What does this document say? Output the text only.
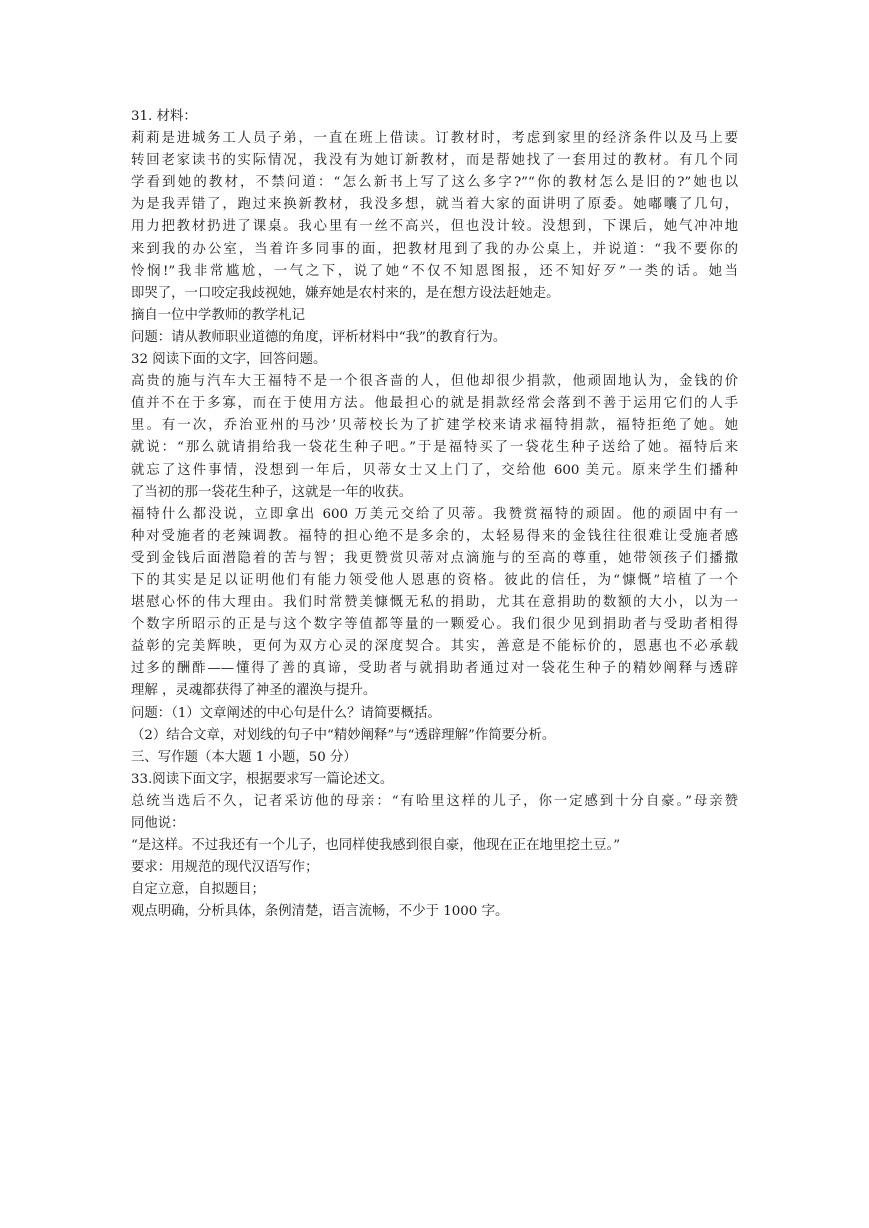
31. 材料：
莉莉是进城务工人员子弟，一直在班上借读。订教材时，考虑到家里的经济条件以及马上要
转回老家读书的实际情况，我没有为她订新教材，而是帮她找了一套用过的教材。有几个同
学看到她的教材，不禁问道：“怎么新书上写了这么多字?”“你的教材怎么是旧的?”她也以
为是我弄错了，跑过来换新教材，我没多想，就当着大家的面讲明了原委。她嘟囔了几句，
用力把教材扔进了课桌。我心里有一丝不高兴，但也没计较。没想到，下课后，她气冲冲地
来到我的办公室，当着许多同事的面，把教材甩到了我的办公桌上，并说道：“我不要你的
怜悯!”我非常尴尬，一气之下，说了她“不仅不知恩图报，还不知好歹”一类的话。她当
即哭了，一口咬定我歧视她，嫌弃她是农村来的，是在想方设法赶她走。
摘自一位中学教师的教学札记
问题：请从教师职业道德的角度，评析材料中“我”的教育行为。
32 阅读下面的文字，回答问题。
高贵的施与汽车大王福特不是一个很吝啬的人，但他却很少捐款，他顽固地认为，金钱的价
值并不在于多寡，而在于使用方法。他最担心的就是捐款经常会落到不善于运用它们的人手
里。有一次，乔治亚州的马沙’贝蒂校长为了扩建学校来请求福特捐款，福特拒绝了她。她
就说：“那么就请捐给我一袋花生种子吧。”于是福特买了一袋花生种子送给了她。福特后来
就忘了这件事情，没想到一年后，贝蒂女士又上门了，交给他 600 美元。原来学生们播种
了当初的那一袋花生种子，这就是一年的收获。
福特什么都没说，立即拿出 600 万美元交给了贝蒂。我赞赏福特的顽固。他的顽固中有一
种对受施者的老辣调教。福特的担心绝不是多余的，太轻易得来的金钱往往很难让受施者感
受到金钱后面潜隐着的苦与智；我更赞赏贝蒂对点滴施与的至高的尊重，她带领孩子们播撒
下的其实是足以证明他们有能力领受他人恩惠的资格。彼此的信任，为“慷慨”培植了一个
堪慰心怀的伟大理由。我们时常赞美慷慨无私的捐助，尤其在意捐助的数额的大小，以为一
个数字所昭示的正是与这个数字等值都等量的一颗爱心。我们很少见到捐助者与受助者相得
益彰的完美辉映，更何为双方心灵的深度契合。其实，善意是不能标价的，恩惠也不必承载
过多的酬酢——懂得了善的真谛，受助者与就捐助者通过对一袋花生种子的精妙阐释与透辟
理解 ，灵魂都获得了神圣的濯涣与提升。
问题：（1）文章阐述的中心句是什么？请简要概括。
（2）结合文章，对划线的句子中“精妙阐释”与“透辟理解”作简要分析。
三、写作题（本大题 1 小题，50 分）
33.阅读下面文字，根据要求写一篇论述文。
总统当选后不久，记者采访他的母亲：“有哈里这样的儿子，你一定感到十分自豪。”母亲赞
同他说：
“是这样。不过我还有一个儿子，也同样使我感到很自豪，他现在正在地里挖土豆。”
要求：用规范的现代汉语写作；
自定立意，自拟题目；
观点明确，分析具体，条例清楚，语言流畅，不少于 1000 字。
